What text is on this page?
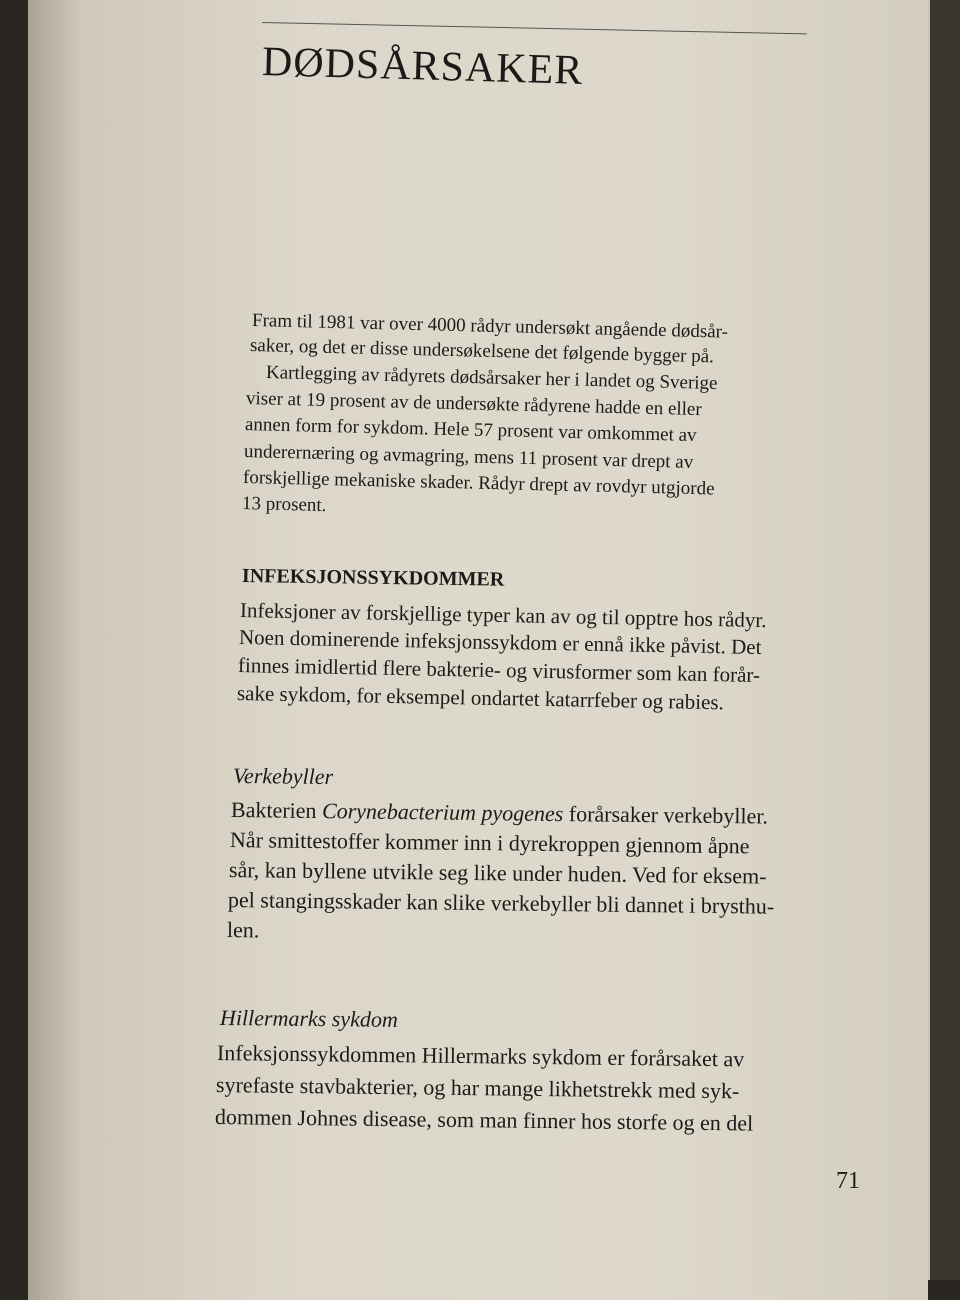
DØDSÅRSAKER
Fram til 1981 var over 4000 rådyr undersøkt angående dødsår-
saker, og det er disse undersøkelsene det følgende bygger på.
Kartlegging av rådyrets dødsårsaker her i landet og Sverige
viser at 19 prosent av de undersøkte rådyrene hadde en eller
annen form for sykdom. Hele 57 prosent var omkommet av
underernæring og avmagring, mens 11 prosent var drept av
forskjellige mekaniske skader. Rådyr drept av rovdyr utgjorde
13 prosent.
INFEKSJONSSYKDOMMER
Infeksjoner av forskjellige typer kan av og til opptre hos rådyr.
Noen dominerende infeksjonssykdom er ennå ikke påvist. Det
finnes imidlertid flere bakterie- og virusformer som kan forår-
sake sykdom, for eksempel ondartet katarrfeber og rabies.
Verkebyller
Bakterien Corynebacterium pyogenes forårsaker verkebyller.
Når smittestoffer kommer inn i dyrekroppen gjennom åpne
sår, kan byllene utvikle seg like under huden. Ved for eksem-
pel stangingsskader kan slike verkebyller bli dannet i brysthu-
len.
Hillermarks sykdom
Infeksjonssykdommen Hillermarks sykdom er forårsaket av
syrefaste stavbakterier, og har mange likhetstrekk med syk-
dommen Johnes disease, som man finner hos storfe og en del
71
